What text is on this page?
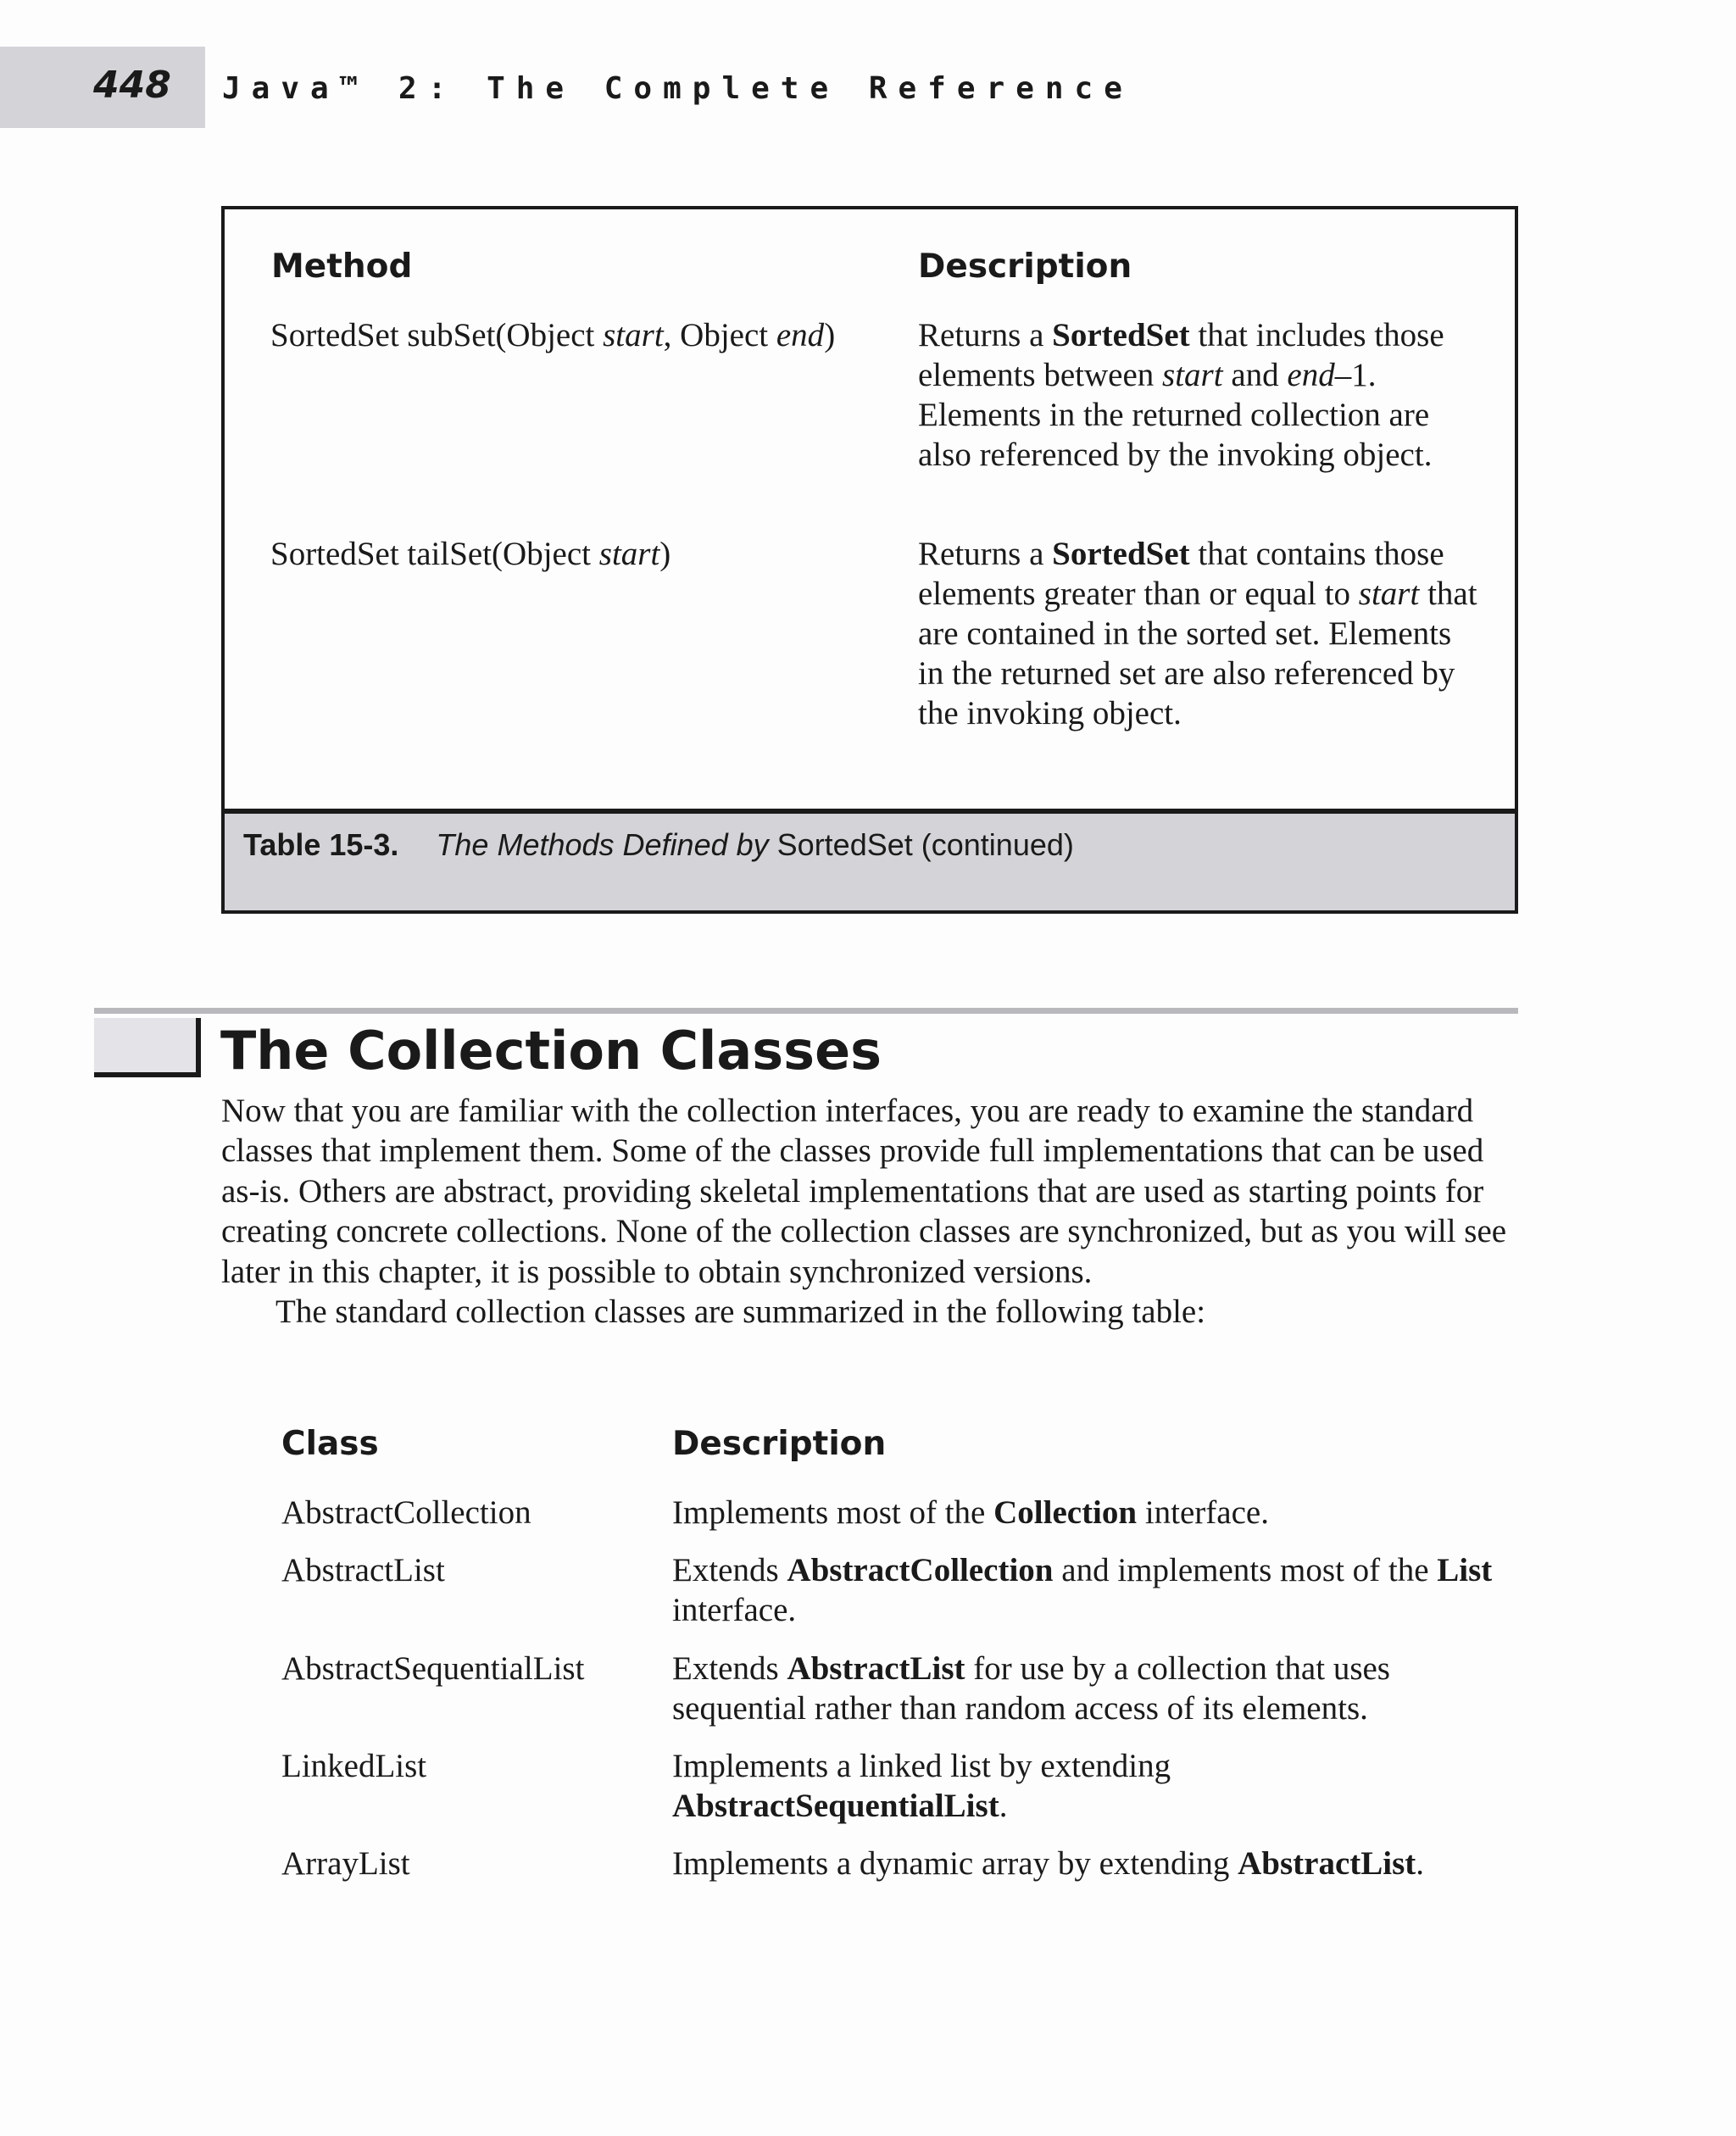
448 Java™ 2: The Complete Reference
Table 15-3. The Methods Defined by SortedSet (continued)
Method	Description
SortedSet subSet(Object start, Object end)	Returns a SortedSet that includes those elements between start and end–1. Elements in the returned collection are also referenced by the invoking object.
SortedSet tailSet(Object start)	Returns a SortedSet that contains those elements greater than or equal to start that are contained in the sorted set. Elements in the returned set are also referenced by the invoking object.
The Collection Classes

Now that you are familiar with the collection interfaces, you are ready to examine the standard classes that implement them. Some of the classes provide full implementations that can be used as-is. Others are abstract, providing skeletal implementations that are used as starting points for creating concrete collections. None of the collection classes are synchronized, but as you will see later in this chapter, it is possible to obtain synchronized versions.

The standard collection classes are summarized in the following table:

Class	Description
AbstractCollection	Implements most of the Collection interface.
AbstractList	Extends AbstractCollection and implements most of the List interface.
AbstractSequentialList	Extends AbstractList for use by a collection that uses sequential rather than random access of its elements.
LinkedList	Implements a linked list by extending AbstractSequentialList.
ArrayList	Implements a dynamic array by extending AbstractList.
